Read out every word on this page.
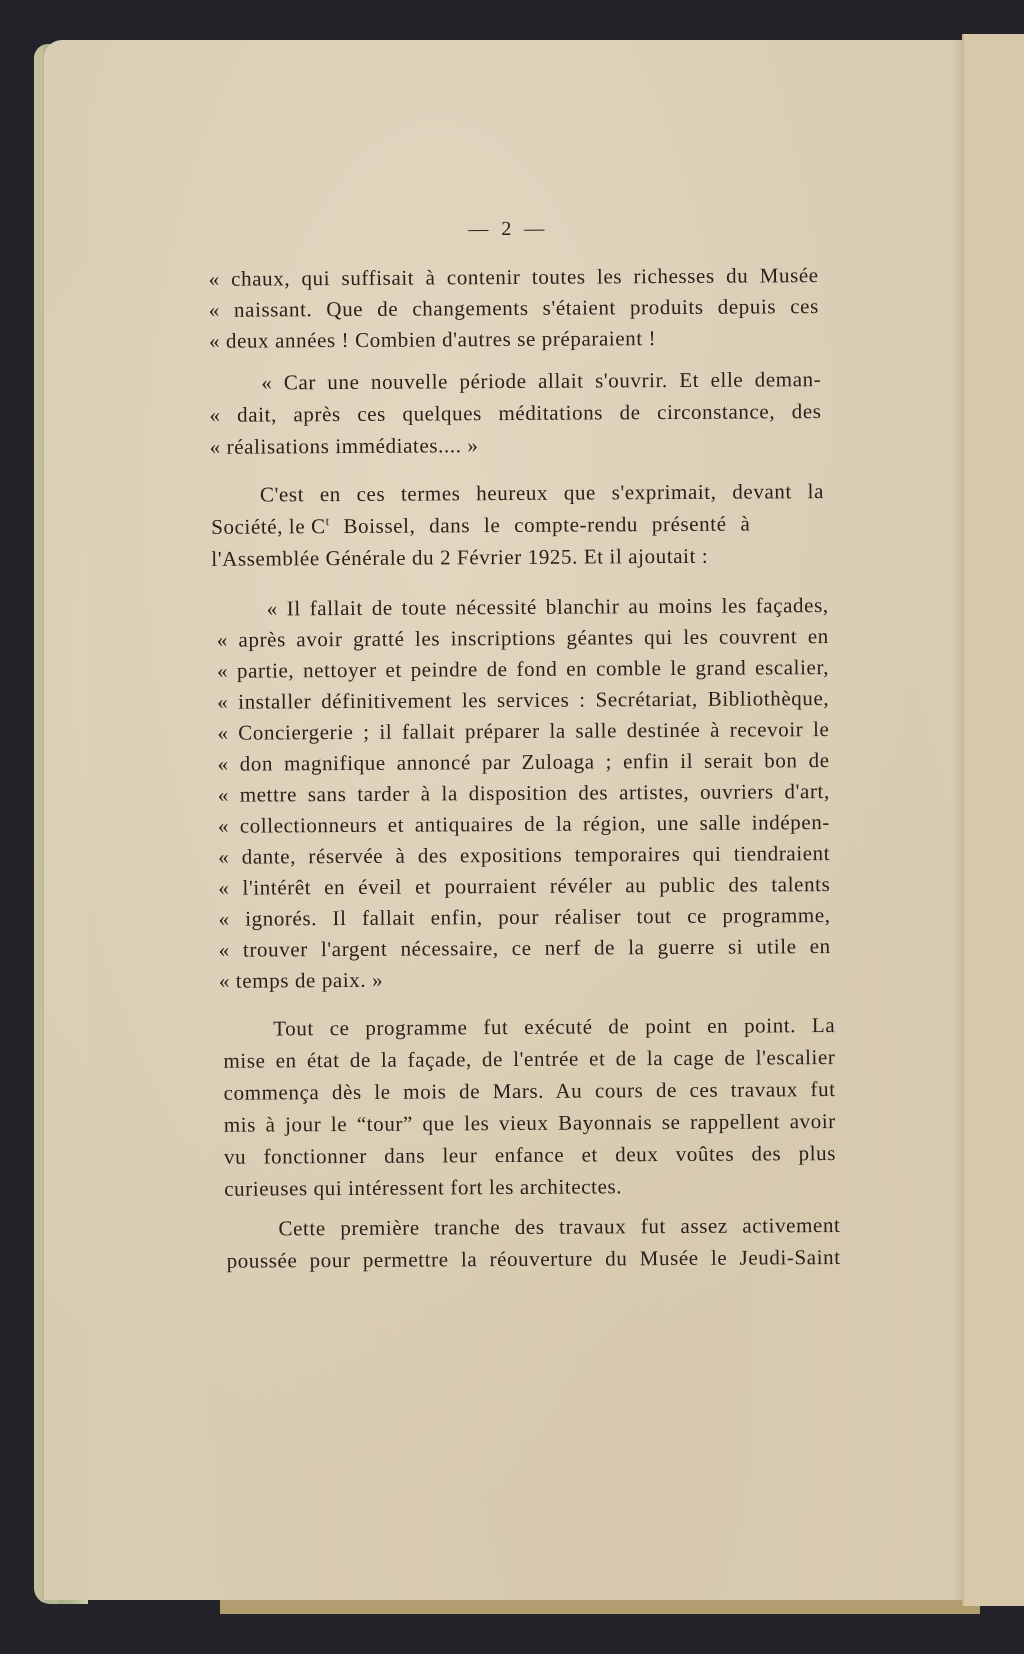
— 2 —
« chaux, qui suffisait à contenir toutes les richesses du Musée
« naissant. Que de changements s'étaient produits depuis ces
« deux années ! Combien d'autres se préparaient !
« Car une nouvelle période allait s'ouvrir. Et elle deman-
« dait, après ces quelques méditations de circonstance, des
« réalisations immédiates.... »
C'est en ces termes heureux que s'exprimait, devant la
Société, le $C^t$ Boissel, dans le compte-rendu présenté à
l'Assemblée Générale du 2 Février 1925. Et il ajoutait :
« Il fallait de toute nécessité blanchir au moins les façades,
« après avoir gratté les inscriptions géantes qui les couvrent en
« partie, nettoyer et peindre de fond en comble le grand escalier,
« installer définitivement les services : Secrétariat, Bibliothèque,
« Conciergerie ; il fallait préparer la salle destinée à recevoir le
« don magnifique annoncé par Zuloaga ; enfin il serait bon de
« mettre sans tarder à la disposition des artistes, ouvriers d'art,
« collectionneurs et antiquaires de la région, une salle indépen-
« dante, réservée à des expositions temporaires qui tiendraient
« l'intérêt en éveil et pourraient révéler au public des talents
« ignorés. Il fallait enfin, pour réaliser tout ce programme,
« trouver l'argent nécessaire, ce nerf de la guerre si utile en
« temps de paix. »
Tout ce programme fut exécuté de point en point. La
mise en état de la façade, de l'entrée et de la cage de l'escalier
commença dès le mois de Mars. Au cours de ces travaux fut
mis à jour le “tour” que les vieux Bayonnais se rappellent avoir
vu fonctionner dans leur enfance et deux voûtes des plus
curieuses qui intéressent fort les architectes.
Cette première tranche des travaux fut assez activement
poussée pour permettre la réouverture du Musée le Jeudi-Saint
